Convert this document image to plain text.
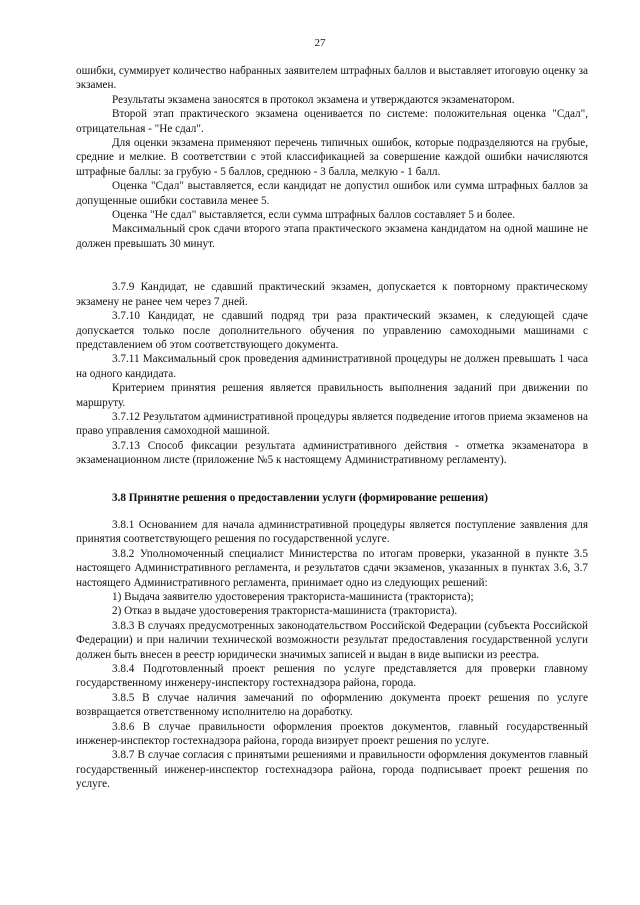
27

ошибки, суммирует количество набранных заявителем штрафных баллов и выставляет итоговую оценку за экзамен.

Результаты экзамена заносятся в протокол экзамена и утверждаются экзаменатором.

Второй этап практического экзамена оценивается по системе: положительная оценка "Сдал", отрицательная - "Не сдал".

Для оценки экзамена применяют перечень типичных ошибок, которые подразделяются на грубые, средние и мелкие. В соответствии с этой классификацией за совершение каждой ошибки начисляются штрафные баллы: за грубую - 5 баллов, среднюю - 3 балла, мелкую - 1 балл.

Оценка "Сдал" выставляется, если кандидат не допустил ошибок или сумма штрафных баллов за допущенные ошибки составила менее 5.

Оценка "Не сдал" выставляется, если сумма штрафных баллов составляет 5 и более.

Максимальный срок сдачи второго этапа практического экзамена кандидатом на одной машине не должен превышать 30 минут.

3.7.9 Кандидат, не сдавший практический экзамен, допускается к повторному практическому экзамену не ранее чем через 7 дней.

3.7.10 Кандидат, не сдавший подряд три раза практический экзамен, к следующей сдаче допускается только после дополнительного обучения по управлению самоходными машинами с представлением об этом соответствующего документа.

3.7.11 Максимальный срок проведения административной процедуры не должен превышать 1 часа на одного кандидата.

Критерием принятия решения является правильность выполнения заданий при движении по маршруту.

3.7.12 Результатом административной процедуры является подведение итогов приема экзаменов на право управления самоходной машиной.

3.7.13 Способ фиксации результата административного действия - отметка экзаменатора в экзаменационном листе (приложение №5 к настоящему Административному регламенту).

3.8 Принятие решения о предоставлении услуги (формирование решения)

3.8.1 Основанием для начала административной процедуры является поступление заявления для принятия соответствующего решения по государственной услуге.

3.8.2 Уполномоченный специалист Министерства по итогам проверки, указанной в пункте 3.5 настоящего Административного регламента, и результатов сдачи экзаменов, указанных в пунктах 3.6, 3.7 настоящего Административного регламента, принимает одно из следующих решений:

1) Выдача заявителю удостоверения тракториста-машиниста (тракториста);

2) Отказ в выдаче удостоверения тракториста-машиниста (тракториста).

3.8.3 В случаях предусмотренных законодательством Российской Федерации (субъекта Российской Федерации) и при наличии технической возможности результат предоставления государственной услуги должен быть внесен в реестр юридически значимых записей и выдан в виде выписки из реестра.

3.8.4 Подготовленный проект решения по услуге представляется для проверки главному государственному инженеру-инспектору гостехнадзора района, города.

3.8.5 В случае наличия замечаний по оформлению документа проект решения по услуге возвращается ответственному исполнителю на доработку.

3.8.6 В случае правильности оформления проектов документов, главный государственный инженер-инспектор гостехнадзора района, города визирует проект решения по услуге.

3.8.7 В случае согласия с принятыми решениями и правильности оформления документов главный государственный инженер-инспектор гостехнадзора района, города подписывает проект решения по услуге.
